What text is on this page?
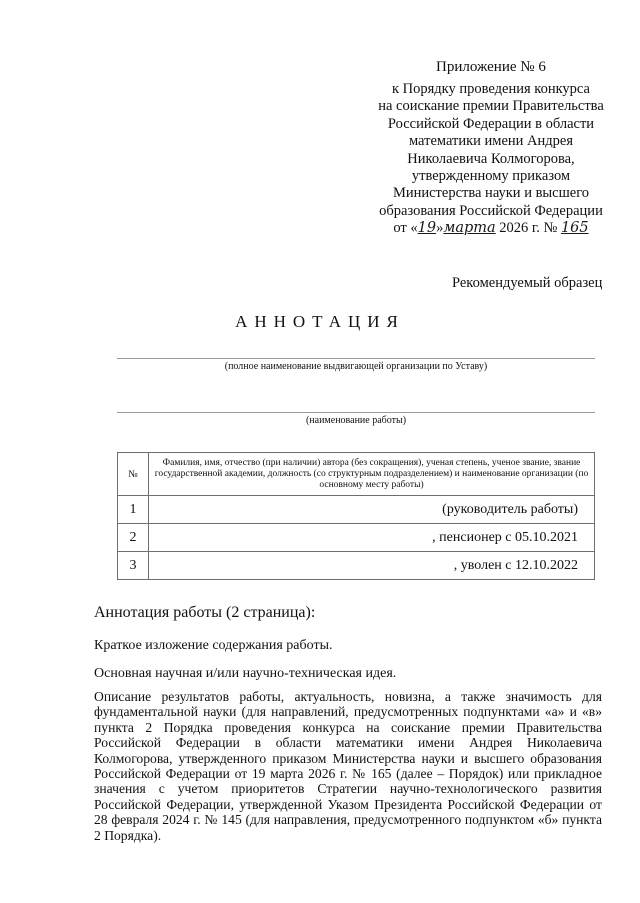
Приложение № 6
к Порядку проведения конкурса
на соискание премии Правительства
Российской Федерации в области
математики имени Андрея
Николаевича Колмогорова,
утвержденному приказом
Министерства науки и высшего
образования Российской Федерации
от «19»марта 2026 г. № 165
Рекомендуемый образец
АННОТАЦИЯ
(полное наименование выдвигающей организации по Уставу)
(наименование работы)
№	Фамилия, имя, отчество (при наличии) автора (без сокращения), ученая степень, ученое звание, звание государственной академии, должность (со структурным подразделением) и наименование организации (по основному месту работы)
1	(руководитель работы)
2	, пенсионер с 05.10.2021
3	, уволен с 12.10.2022
Аннотация работы (2 страница):
Краткое изложение содержания работы.
Основная научная и/или научно-техническая идея.
Описание результатов работы, актуальность, новизна, а также значимость для фундаментальной науки (для направлений, предусмотренных подпунктами «а» и «в» пункта 2 Порядка проведения конкурса на соискание премии Правительства Российской Федерации в области математики имени Андрея Николаевича Колмогорова, утвержденного приказом Министерства науки и высшего образования Российской Федерации от 19 марта 2026 г. № 165 (далее – Порядок) или прикладное значения с учетом приоритетов Стратегии научно-технологического развития Российской Федерации, утвержденной Указом Президента Российской Федерации от 28 февраля 2024 г. № 145 (для направления, предусмотренного подпунктом «б» пункта 2 Порядка).
